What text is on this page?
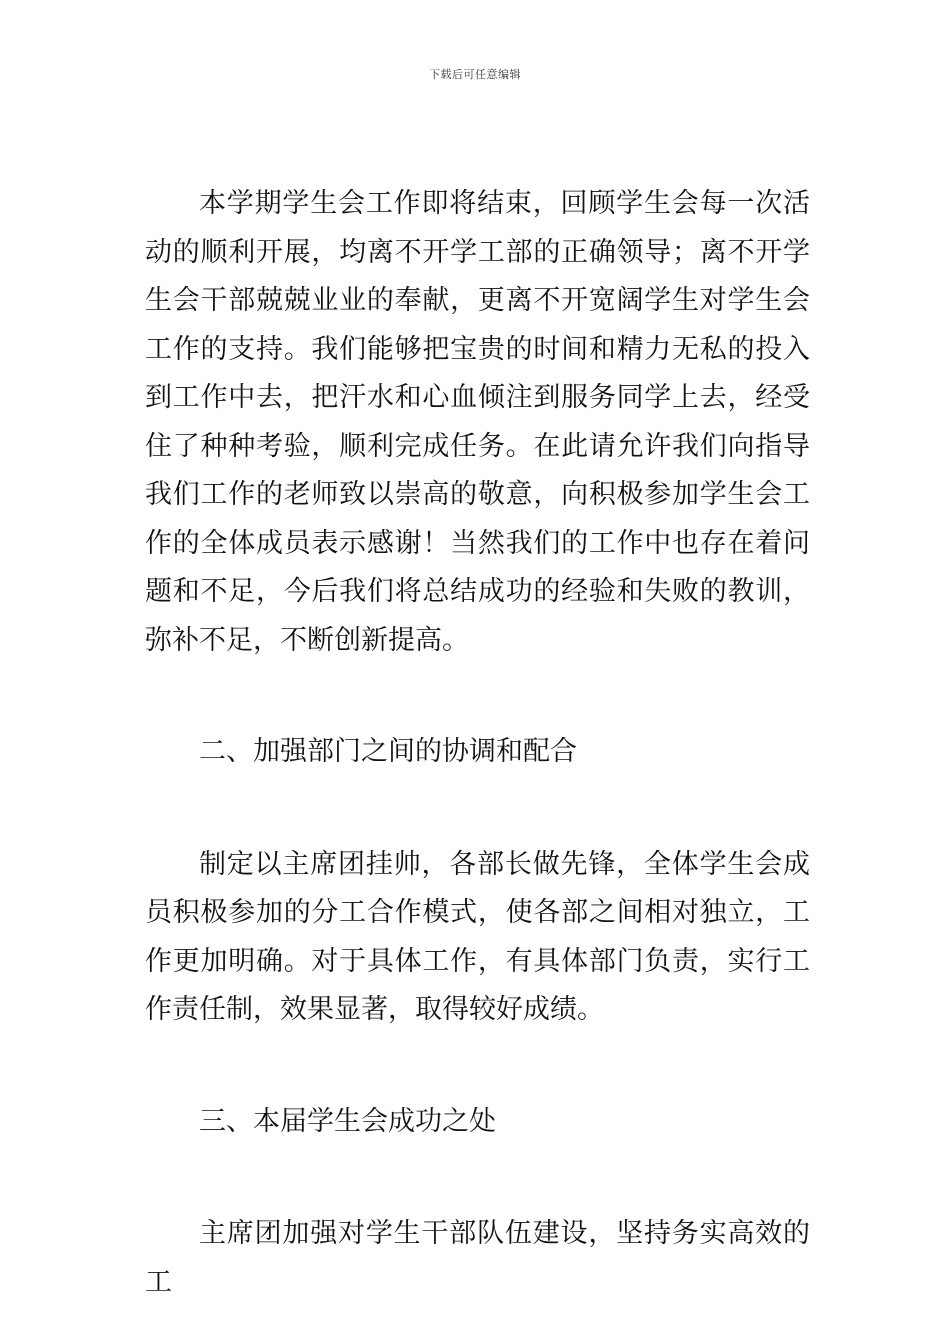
下载后可任意编辑

本学期学生会工作即将结束，回顾学生会每一次活动的顺利开展，均离不开学工部的正确领导；离不开学生会干部兢兢业业的奉献，更离不开宽阔学生对学生会工作的支持。我们能够把宝贵的时间和精力无私的投入到工作中去，把汗水和心血倾注到服务同学上去，经受住了种种考验，顺利完成任务。在此请允许我们向指导我们工作的老师致以崇高的敬意，向积极参加学生会工作的全体成员表示感谢！当然我们的工作中也存在着问题和不足，今后我们将总结成功的经验和失败的教训，弥补不足，不断创新提高。

二、加强部门之间的协调和配合

制定以主席团挂帅，各部长做先锋，全体学生会成员积极参加的分工合作模式，使各部之间相对独立，工作更加明确。对于具体工作，有具体部门负责，实行工作责任制，效果显著，取得较好成绩。

三、本届学生会成功之处

主席团加强对学生干部队伍建设，坚持务实高效的工
